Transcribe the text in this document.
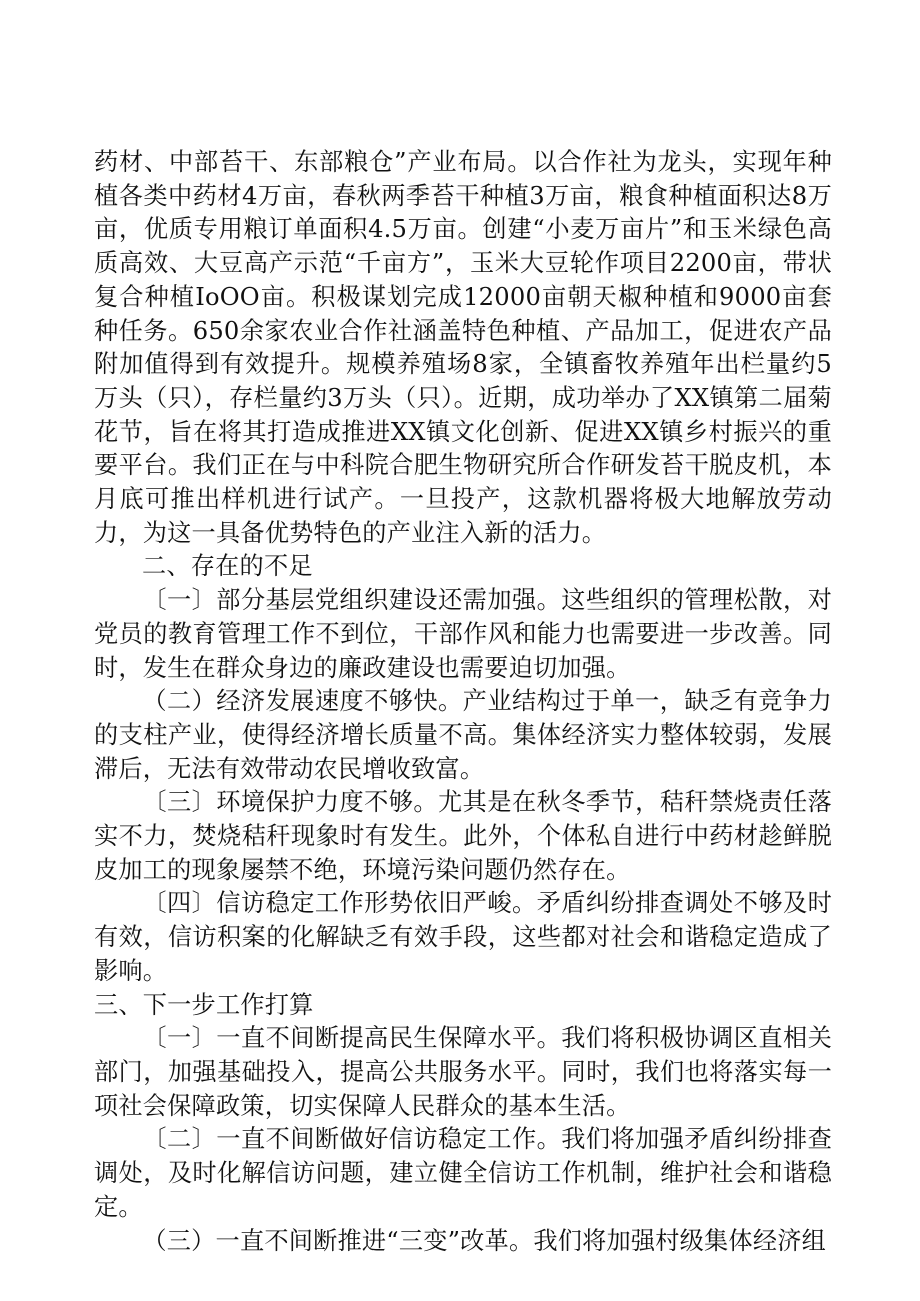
药材、中部苔干、东部粮仓”产业布局。以合作社为龙头，实现年种植各类中药材4万亩，春秋两季苔干种植3万亩，粮食种植面积达8万亩，优质专用粮订单面积4.5万亩。创建“小麦万亩片”和玉米绿色高质高效、大豆高产示范“千亩方”，玉米大豆轮作项目2200亩，带状复合种植IoOO亩。积极谋划完成12000亩朝天椒种植和9000亩套种任务。650余家农业合作社涵盖特色种植、产品加工，促进农产品附加值得到有效提升。规模养殖场8家，全镇畜牧养殖年出栏量约5万头（只），存栏量约3万头（只）。近期，成功举办了XX镇第二届菊花节，旨在将其打造成推进XX镇文化创新、促进XX镇乡村振兴的重要平台。我们正在与中科院合肥生物研究所合作研发苔干脱皮机，本月底可推出样机进行试产。一旦投产，这款机器将极大地解放劳动力，为这一具备优势特色的产业注入新的活力。

二、存在的不足

〔一〕部分基层党组织建设还需加强。这些组织的管理松散，对党员的教育管理工作不到位，干部作风和能力也需要进一步改善。同时，发生在群众身边的廉政建设也需要迫切加强。

（二）经济发展速度不够快。产业结构过于单一，缺乏有竞争力的支柱产业，使得经济增长质量不高。集体经济实力整体较弱，发展滞后，无法有效带动农民增收致富。

〔三〕环境保护力度不够。尤其是在秋冬季节，秸秆禁烧责任落实不力，焚烧秸秆现象时有发生。此外，个体私自进行中药材趁鲜脱皮加工的现象屡禁不绝，环境污染问题仍然存在。

〔四〕信访稳定工作形势依旧严峻。矛盾纠纷排查调处不够及时有效，信访积案的化解缺乏有效手段，这些都对社会和谐稳定造成了影响。

三、下一步工作打算

〔一〕一直不间断提高民生保障水平。我们将积极协调区直相关部门，加强基础投入，提高公共服务水平。同时，我们也将落实每一项社会保障政策，切实保障人民群众的基本生活。

〔二〕一直不间断做好信访稳定工作。我们将加强矛盾纠纷排查调处，及时化解信访问题，建立健全信访工作机制，维护社会和谐稳定。

（三）一直不间断推进“三变”改革。我们将加强村级集体经济组
